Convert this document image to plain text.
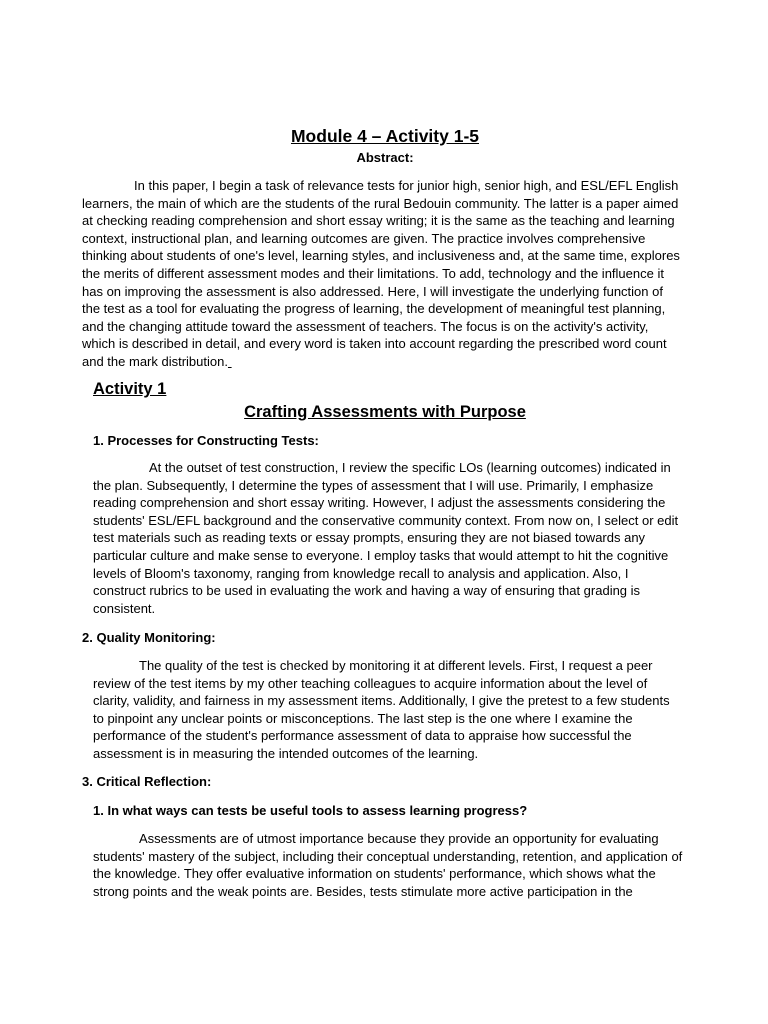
Module 4 – Activity 1-5
Abstract:

In this paper, I begin a task of relevance tests for junior high, senior high, and ESL/EFL English learners, the main of which are the students of the rural Bedouin community. The latter is a paper aimed at checking reading comprehension and short essay writing; it is the same as the teaching and learning context, instructional plan, and learning outcomes are given. The practice involves comprehensive thinking about students of one's level, learning styles, and inclusiveness and, at the same time, explores the merits of different assessment modes and their limitations. To add, technology and the influence it has on improving the assessment is also addressed. Here, I will investigate the underlying function of the test as a tool for evaluating the progress of learning, the development of meaningful test planning, and the changing attitude toward the assessment of teachers. The focus is on the activity's activity, which is described in detail, and every word is taken into account regarding the prescribed word count and the mark distribution.

Activity 1
Crafting Assessments with Purpose
1. Processes for Constructing Tests:

At the outset of test construction, I review the specific LOs (learning outcomes) indicated in the plan. Subsequently, I determine the types of assessment that I will use. Primarily, I emphasize reading comprehension and short essay writing. However, I adjust the assessments considering the students' ESL/EFL background and the conservative community context. From now on, I select or edit test materials such as reading texts or essay prompts, ensuring they are not biased towards any particular culture and make sense to everyone. I employ tasks that would attempt to hit the cognitive levels of Bloom's taxonomy, ranging from knowledge recall to analysis and application. Also, I construct rubrics to be used in evaluating the work and having a way of ensuring that grading is consistent.

2. Quality Monitoring:

The quality of the test is checked by monitoring it at different levels. First, I request a peer review of the test items by my other teaching colleagues to acquire information about the level of clarity, validity, and fairness in my assessment items. Additionally, I give the pretest to a few students to pinpoint any unclear points or misconceptions. The last step is the one where I examine the performance of the student's performance assessment of data to appraise how successful the assessment is in measuring the intended outcomes of the learning.

3. Critical Reflection:
1. In what ways can tests be useful tools to assess learning progress?

Assessments are of utmost importance because they provide an opportunity for evaluating students' mastery of the subject, including their conceptual understanding, retention, and application of the knowledge. They offer evaluative information on students' performance, which shows what the strong points and the weak points are. Besides, tests stimulate more active participation in the
